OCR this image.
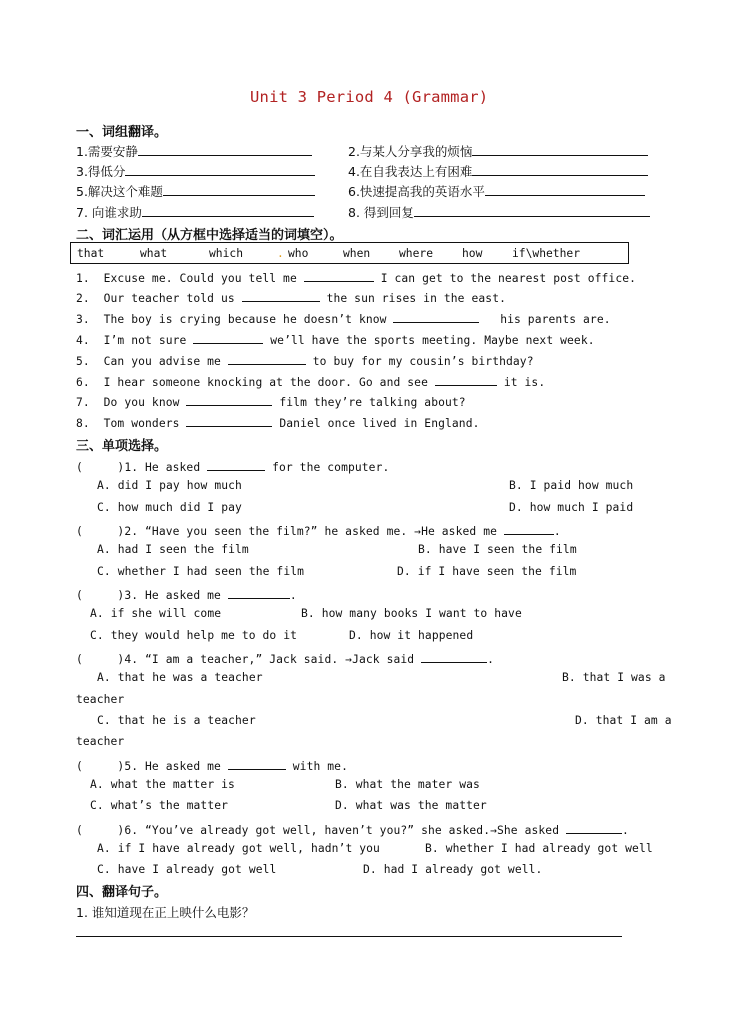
Unit 3 Period 4 (Grammar)
一、词组翻译。
1.需要安静	2.与某人分享我的烦恼
3.得低分	4.在自我表达上有困难
5.解决这个难题	6.快速提高我的英语水平
7. 向谁求助	8. 得到回复
二、词汇运用（从方框中选择适当的词填空）。
that	what	which	. who	when	where	how	if\whether
1. Excuse me. Could you tell me	I can get to the nearest post office.
2. Our teacher told us	the sun rises in the east.
3. The boy is crying because he doesn’t know	his parents are.
4. I’m not sure	we’ll have the sports meeting. Maybe next week.
5. Can you advise me	to buy for my cousin’s birthday?
6. I hear someone knocking at the door. Go and see	it is.
7. Do you know	film they’re talking about?
8. Tom wonders	Daniel once lived in England.
三、单项选择。
(	)1. He asked	for the computer.
A. did I pay how much	B. I paid how much
C. how much did I pay	D. how much I paid
(	)2. “Have you seen the film?” he asked me. →He asked me	.
A. had I seen the film	B. have I seen the film
C. whether I had seen the film	D. if I have seen the film
(	)3. He asked me	.
A. if she will come	B. how many books I want to have
C. they would help me to do it	D. how it happened
(	)4. “I am a teacher,” Jack said. →Jack said	.
A. that he was a teacher	B. that I was a
teacher
C. that he is a teacher	D. that I am a
teacher
(	)5. He asked me	with me.
A. what the matter is	B. what the mater was
C. what’s the matter	D. what was the matter
(	)6. “You’ve already got well, haven’t you?” she asked.→She asked	.
A. if I have already got well, hadn’t you	B. whether I had already got well
C. have I already got well	D. had I already got well.
四、翻译句子。
1. 谁知道现在正上映什么电影？
